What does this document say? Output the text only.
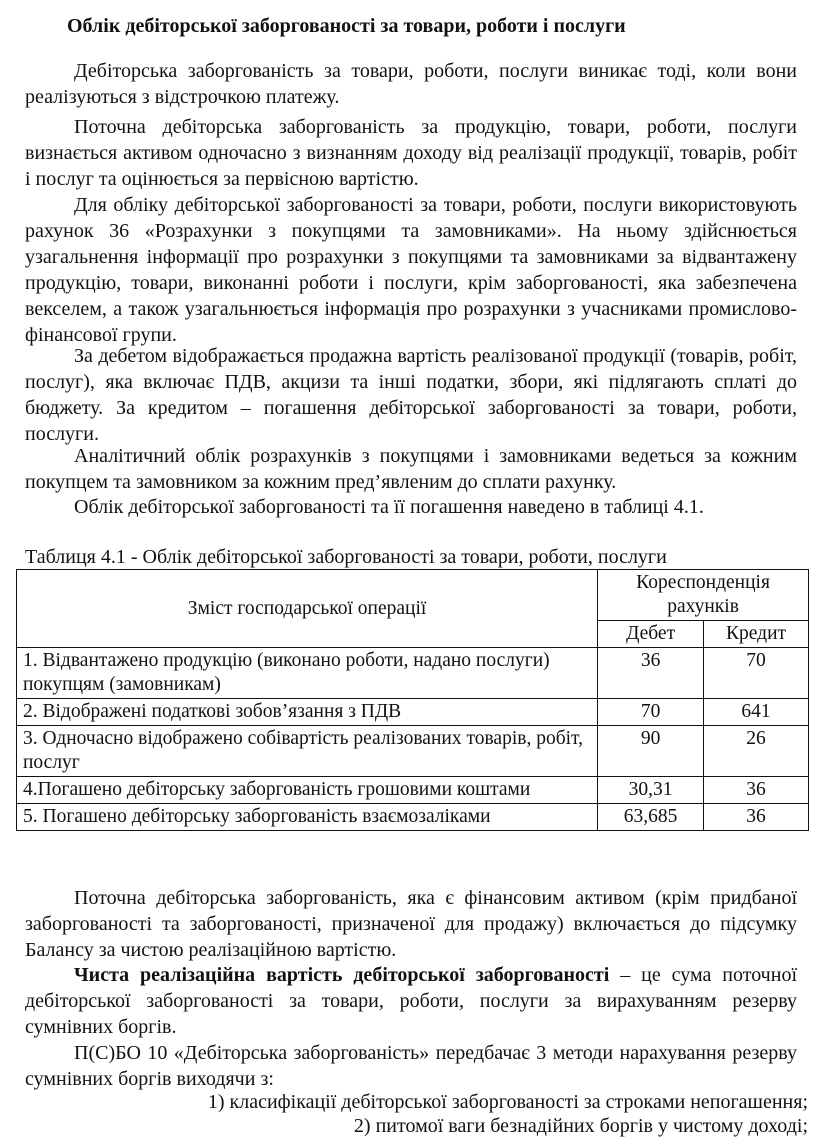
Облік дебіторської заборгованості за товари, роботи і послуги

Дебіторська заборгованість за товари, роботи, послуги виникає тоді, коли вони реалізуються з відстрочкою платежу.

Поточна дебіторська заборгованість за продукцію, товари, роботи, послуги визнається активом одночасно з визнанням доходу від реалізації продукції, товарів, робіт і послуг та оцінюється за первісною вартістю.

Для обліку дебіторської заборгованості за товари, роботи, послуги використовують рахунок 36 «Розрахунки з покупцями та замовниками». На ньому здійснюється узагальнення інформації про розрахунки з покупцями та замовниками за відвантажену продукцію, товари, виконанні роботи і послуги, крім заборгованості, яка забезпечена векселем, а також узагальнюється інформація про розрахунки з учасниками промислово-фінансової групи.

За дебетом відображається продажна вартість реалізованої продукції (товарів, робіт, послуг), яка включає ПДВ, акцизи та інші податки, збори, які підлягають сплаті до бюджету. За кредитом – погашення дебіторської заборгованості за товари, роботи, послуги.

Аналітичний облік розрахунків з покупцями і замовниками ведеться за кожним покупцем та замовником за кожним пред’явленим до сплати рахунку.

Облік дебіторської заборгованості та її погашення наведено в таблиці 4.1.

Таблиця 4.1 - Облік дебіторської заборгованості за товари, роботи, послуги
Зміст господарської операції	Кореспонденція рахунків	
	Дебет	Кредит
1. Відвантажено продукцію (виконано роботи, надано послуги) покупцям (замовникам)	36	70
2. Відображені податкові зобов’язання з ПДВ	70	641
3. Одночасно відображено собівартість реалізованих товарів, робіт, послуг	90	26
4.Погашено дебіторську заборгованість грошовими коштами	30,31	36
5. Погашено дебіторську заборгованість взаємозаліками	63,685	36

Поточна дебіторська заборгованість, яка є фінансовим активом (крім придбаної заборгованості та заборгованості, призначеної для продажу) включається до підсумку Балансу за чистою реалізаційною вартістю.

Чиста реалізаційна вартість дебіторської заборгованості – це сума поточної дебіторської заборгованості за товари, роботи, послуги за вирахуванням резерву сумнівних боргів.

П(С)БО 10 «Дебіторська заборгованість» передбачає 3 методи нарахування резерву сумнівних боргів виходячи з:

1) класифікації дебіторської заборгованості за строками непогашення;
2) питомої ваги безнадійних боргів у чистому доході;
